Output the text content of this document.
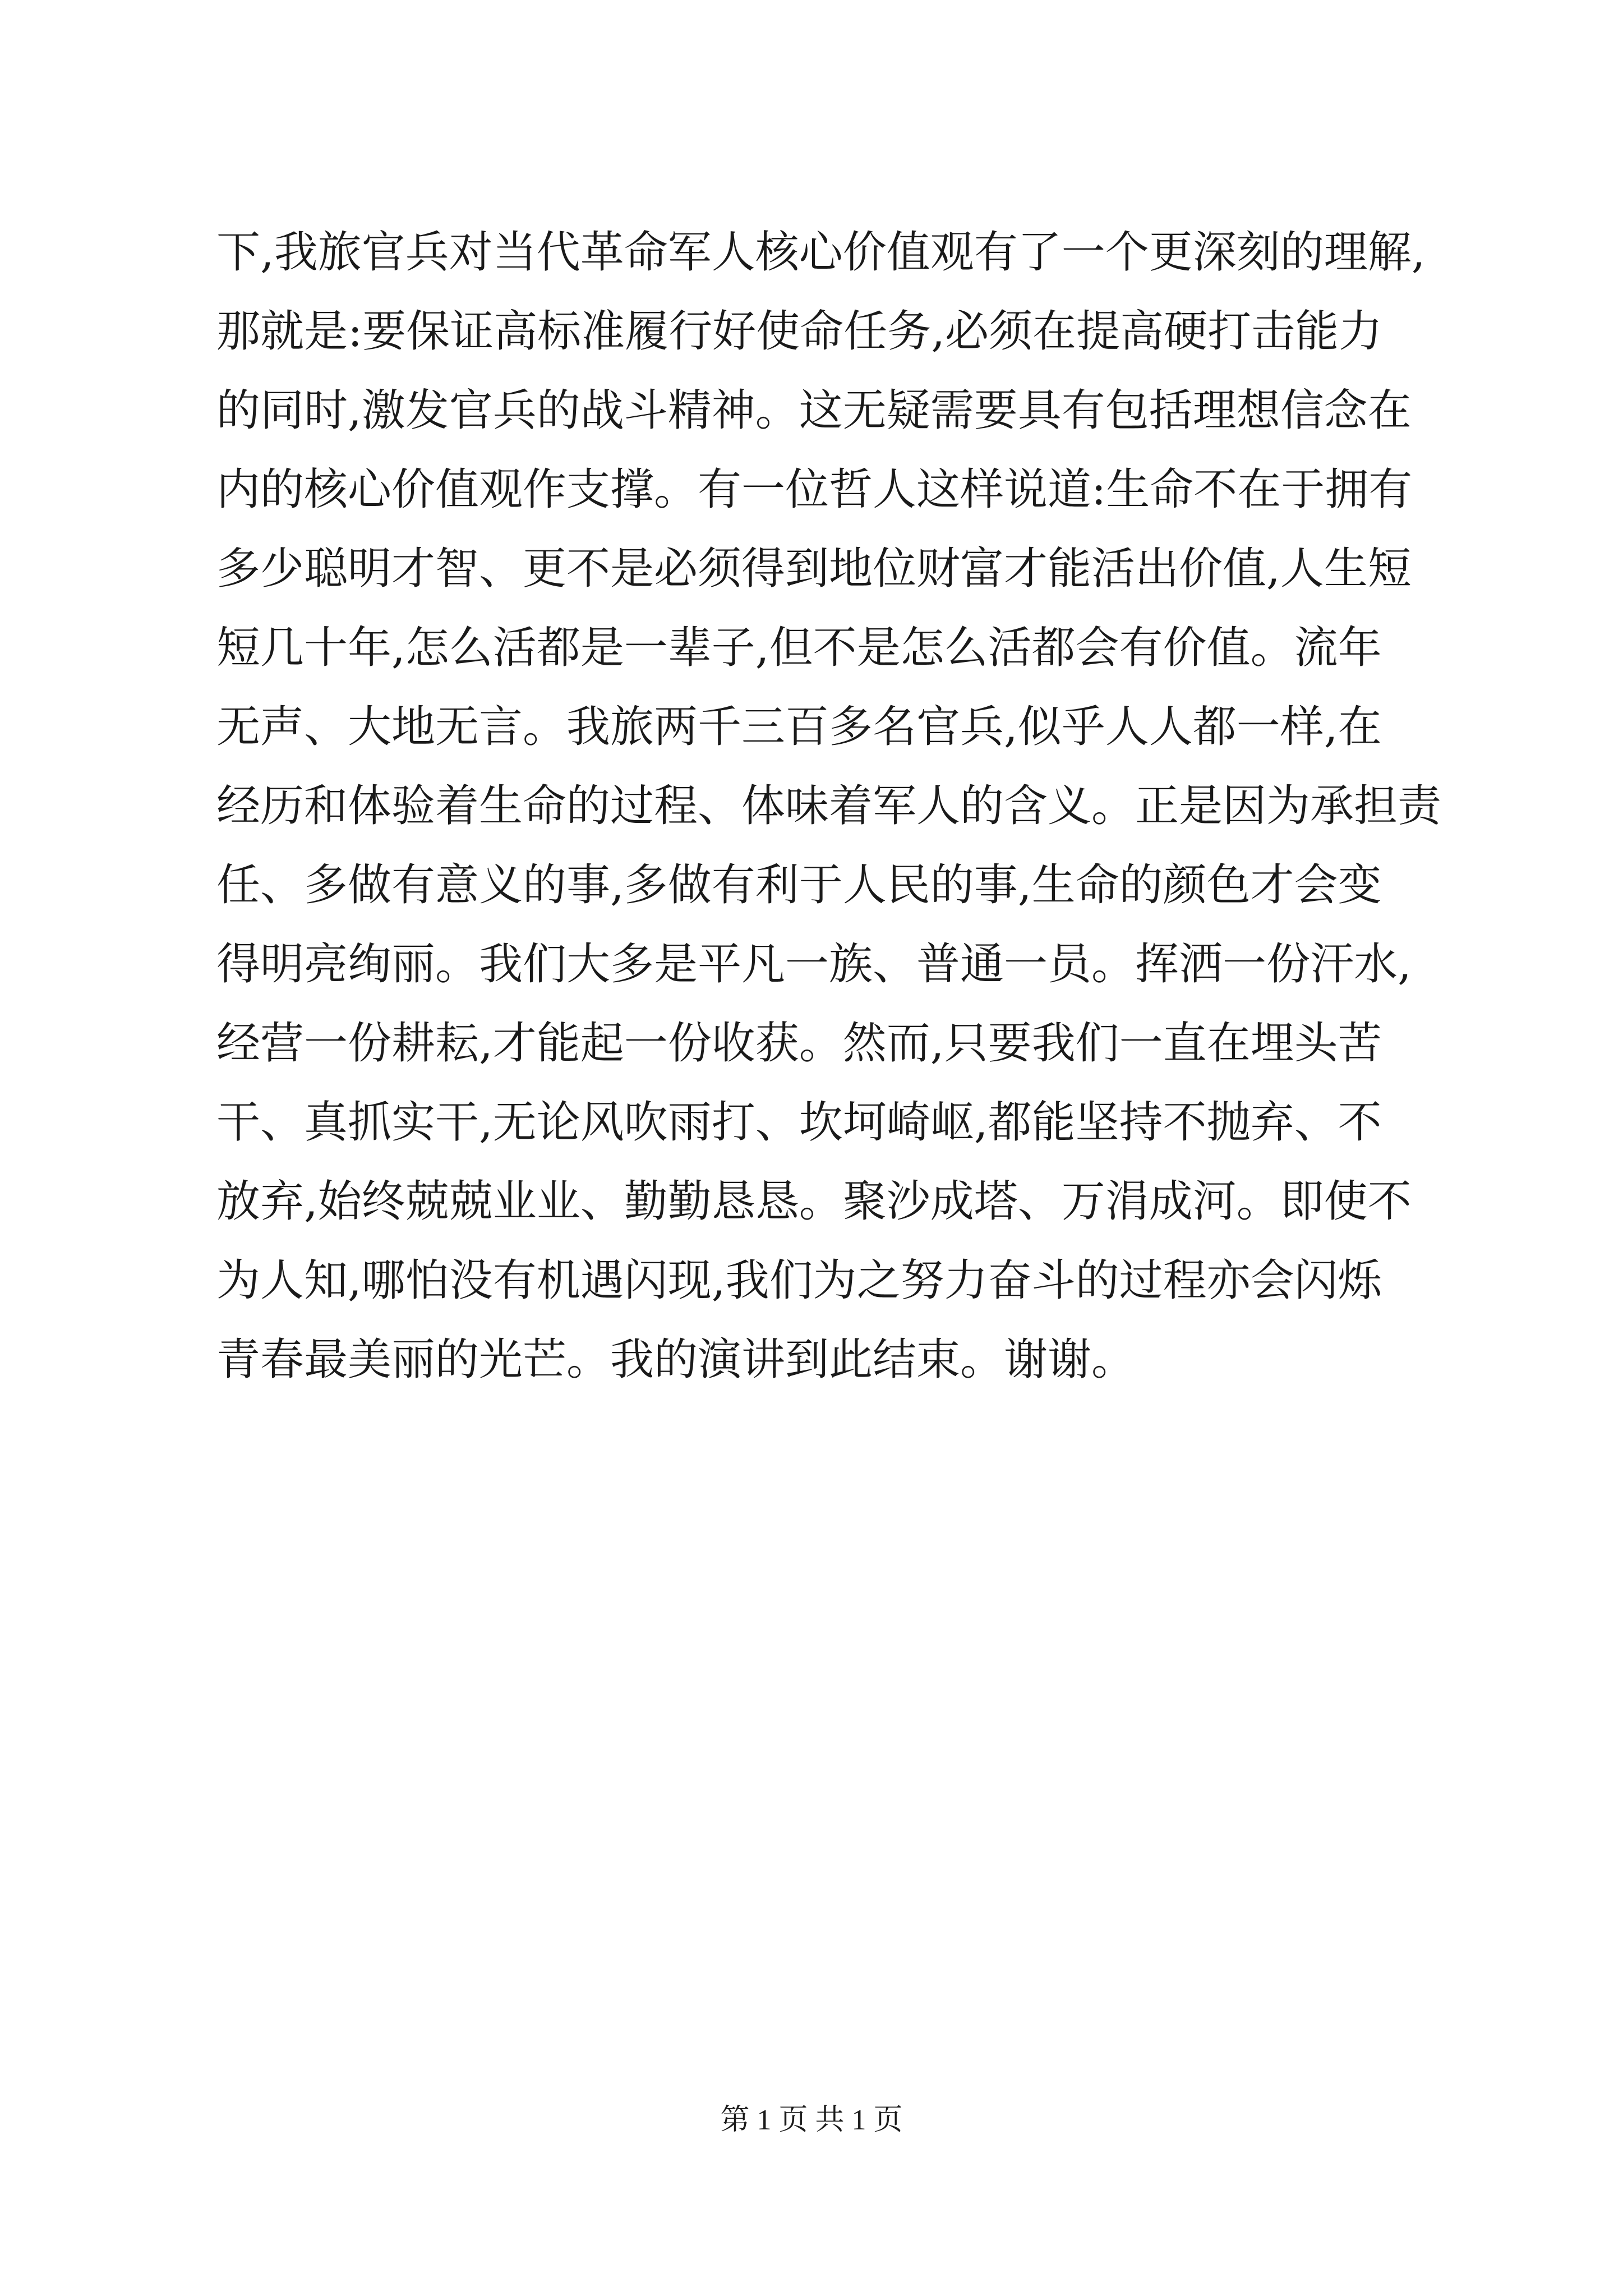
下,我旅官兵对当代革命军人核心价值观有了一个更深刻的理解,
那就是:要保证高标准履行好使命任务,必须在提高硬打击能力
的同时,激发官兵的战斗精神。这无疑需要具有包括理想信念在
内的核心价值观作支撑。有一位哲人这样说道:生命不在于拥有
多少聪明才智、更不是必须得到地位财富才能活出价值,人生短
短几十年,怎么活都是一辈子,但不是怎么活都会有价值。流年
无声、大地无言。我旅两千三百多名官兵,似乎人人都一样,在
经历和体验着生命的过程、体味着军人的含义。正是因为承担责
任、多做有意义的事,多做有利于人民的事,生命的颜色才会变
得明亮绚丽。我们大多是平凡一族、普通一员。挥洒一份汗水,
经营一份耕耘,才能起一份收获。然而,只要我们一直在埋头苦
干、真抓实干,无论风吹雨打、坎坷崎岖,都能坚持不抛弃、不
放弃,始终兢兢业业、勤勤恳恳。聚沙成塔、万涓成河。即使不
为人知,哪怕没有机遇闪现,我们为之努力奋斗的过程亦会闪烁
青春最美丽的光芒。我的演讲到此结束。谢谢。
第 1 页 共 1 页
